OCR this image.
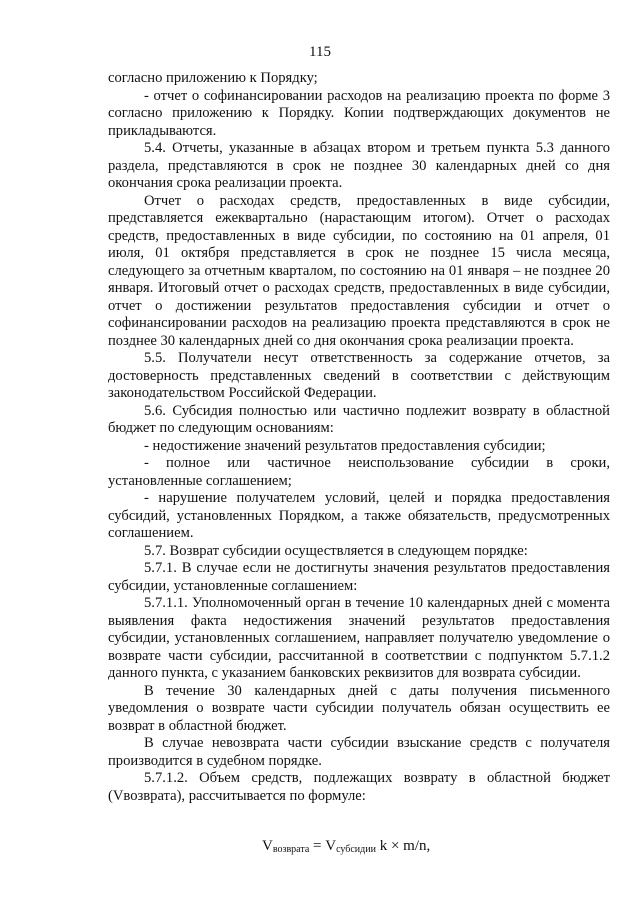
115

согласно приложению к Порядку;

- отчет о софинансировании расходов на реализацию проекта по форме 3 согласно приложению к Порядку. Копии подтверждающих документов не прикладываются.

5.4. Отчеты, указанные в абзацах втором и третьем пункта 5.3 данного раздела, представляются в срок не позднее 30 календарных дней со дня окончания срока реализации проекта.

Отчет о расходах средств, предоставленных в виде субсидии, представляется ежеквартально (нарастающим итогом). Отчет о расходах средств, предоставленных в виде субсидии, по состоянию на 01 апреля, 01 июля, 01 октября представляется в срок не позднее 15 числа месяца, следующего за отчетным кварталом, по состоянию на 01 января – не позднее 20 января. Итоговый отчет о расходах средств, предоставленных в виде субсидии, отчет о достижении результатов предоставления субсидии и отчет о софинансировании расходов на реализацию проекта представляются в срок не позднее 30 календарных дней со дня окончания срока реализации проекта.

5.5. Получатели несут ответственность за содержание отчетов, за достоверность представленных сведений в соответствии с действующим законодательством Российской Федерации.

5.6. Субсидия полностью или частично подлежит возврату в областной бюджет по следующим основаниям:

- недостижение значений результатов предоставления субсидии;

- полное или частичное неиспользование субсидии в сроки, установленные соглашением;

- нарушение получателем условий, целей и порядка предоставления субсидий, установленных Порядком, а также обязательств, предусмотренных соглашением.

5.7. Возврат субсидии осуществляется в следующем порядке:

5.7.1. В случае если не достигнуты значения результатов предоставления субсидии, установленные соглашением:

5.7.1.1. Уполномоченный орган в течение 10 календарных дней с момента выявления факта недостижения значений результатов предоставления субсидии, установленных соглашением, направляет получателю уведомление о возврате части субсидии, рассчитанной в соответствии с подпунктом 5.7.1.2 данного пункта, с указанием банковских реквизитов для возврата субсидии.

В течение 30 календарных дней с даты получения письменного уведомления о возврате части субсидии получатель обязан осуществить ее возврат в областной бюджет.

В случае невозврата части субсидии взыскание средств с получателя производится в судебном порядке.

5.7.1.2. Объем средств, подлежащих возврату в областной бюджет (Vвозврата), рассчитывается по формуле:

$V_{возврата} = V_{субсидии}$ k × m/n,
